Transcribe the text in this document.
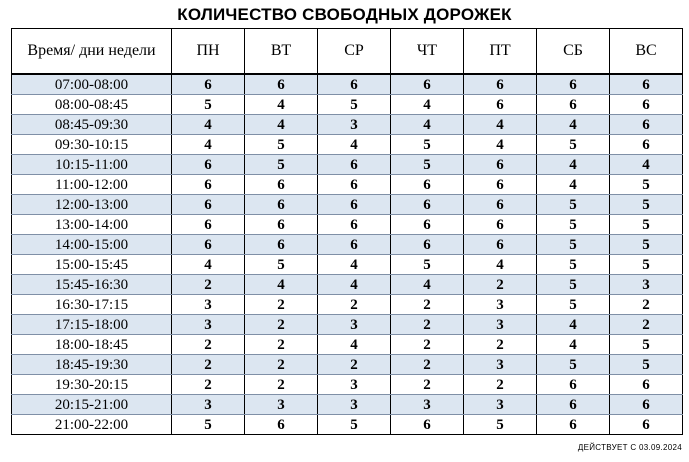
КОЛИЧЕСТВО СВОБОДНЫХ ДОРОЖЕК
Время/ дни недели	ПН	ВТ	СР	ЧТ	ПТ	СБ	ВС
07:00-08:00	6	6	6	6	6	6	6
08:00-08:45	5	4	5	4	6	6	6
08:45-09:30	4	4	3	4	4	4	6
09:30-10:15	4	5	4	5	4	5	6
10:15-11:00	6	5	6	5	6	4	4
11:00-12:00	6	6	6	6	6	4	5
12:00-13:00	6	6	6	6	6	5	5
13:00-14:00	6	6	6	6	6	5	5
14:00-15:00	6	6	6	6	6	5	5
15:00-15:45	4	5	4	5	4	5	5
15:45-16:30	2	4	4	4	2	5	3
16:30-17:15	3	2	2	2	3	5	2
17:15-18:00	3	2	3	2	3	4	2
18:00-18:45	2	2	4	2	2	4	5
18:45-19:30	2	2	2	2	3	5	5
19:30-20:15	2	2	3	2	2	6	6
20:15-21:00	3	3	3	3	3	6	6
21:00-22:00	5	6	5	6	5	6	6
ДЕЙСТВУЕТ С 03.09.2024
